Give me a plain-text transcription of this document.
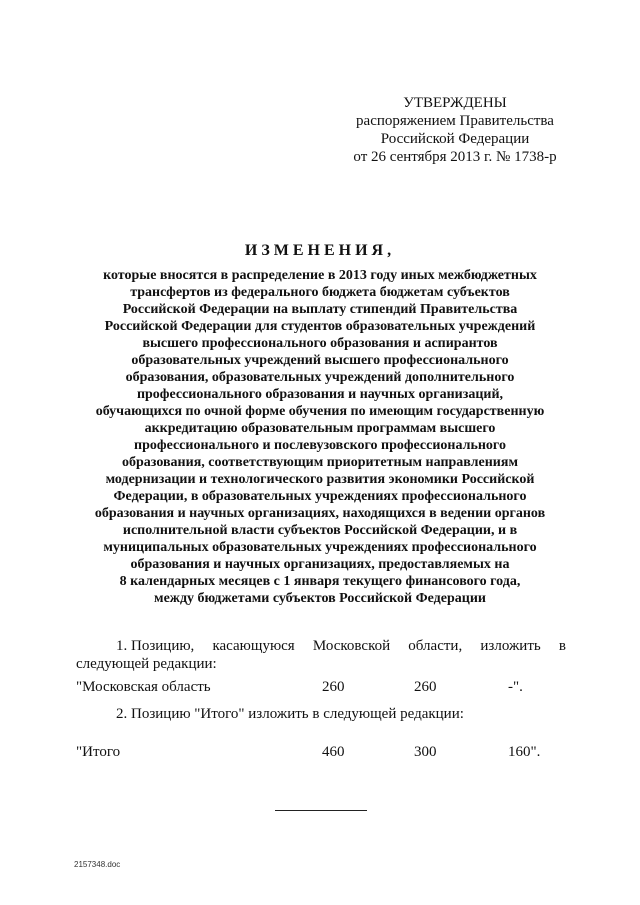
УТВЕРЖДЕНЫ
распоряжением Правительства
Российской Федерации
от 26 сентября 2013 г. № 1738-р
ИЗМЕНЕНИЯ,
которые вносятся в распределение в 2013 году иных межбюджетных
трансфертов из федерального бюджета бюджетам субъектов
Российской Федерации на выплату стипендий Правительства
Российской Федерации для студентов образовательных учреждений
высшего профессионального образования и аспирантов
образовательных учреждений высшего профессионального
образования, образовательных учреждений дополнительного
профессионального образования и научных организаций,
обучающихся по очной форме обучения по имеющим государственную
аккредитацию образовательным программам высшего
профессионального и послевузовского профессионального
образования, соответствующим приоритетным направлениям
модернизации и технологического развития экономики Российской
Федерации, в образовательных учреждениях профессионального
образования и научных организациях, находящихся в ведении органов
исполнительной власти субъектов Российской Федерации, и в
муниципальных образовательных учреждениях профессионального
образования и научных организациях, предоставляемых на
8 календарных месяцев с 1 января текущего финансового года,
между бюджетами субъектов Российской Федерации
1. Позицию, касающуюся Московской области, изложить в
следующей редакции:
"Московская область	260	260	-".
2. Позицию "Итого" изложить в следующей редакции:
"Итого	460	300	160".
2157348.doc
